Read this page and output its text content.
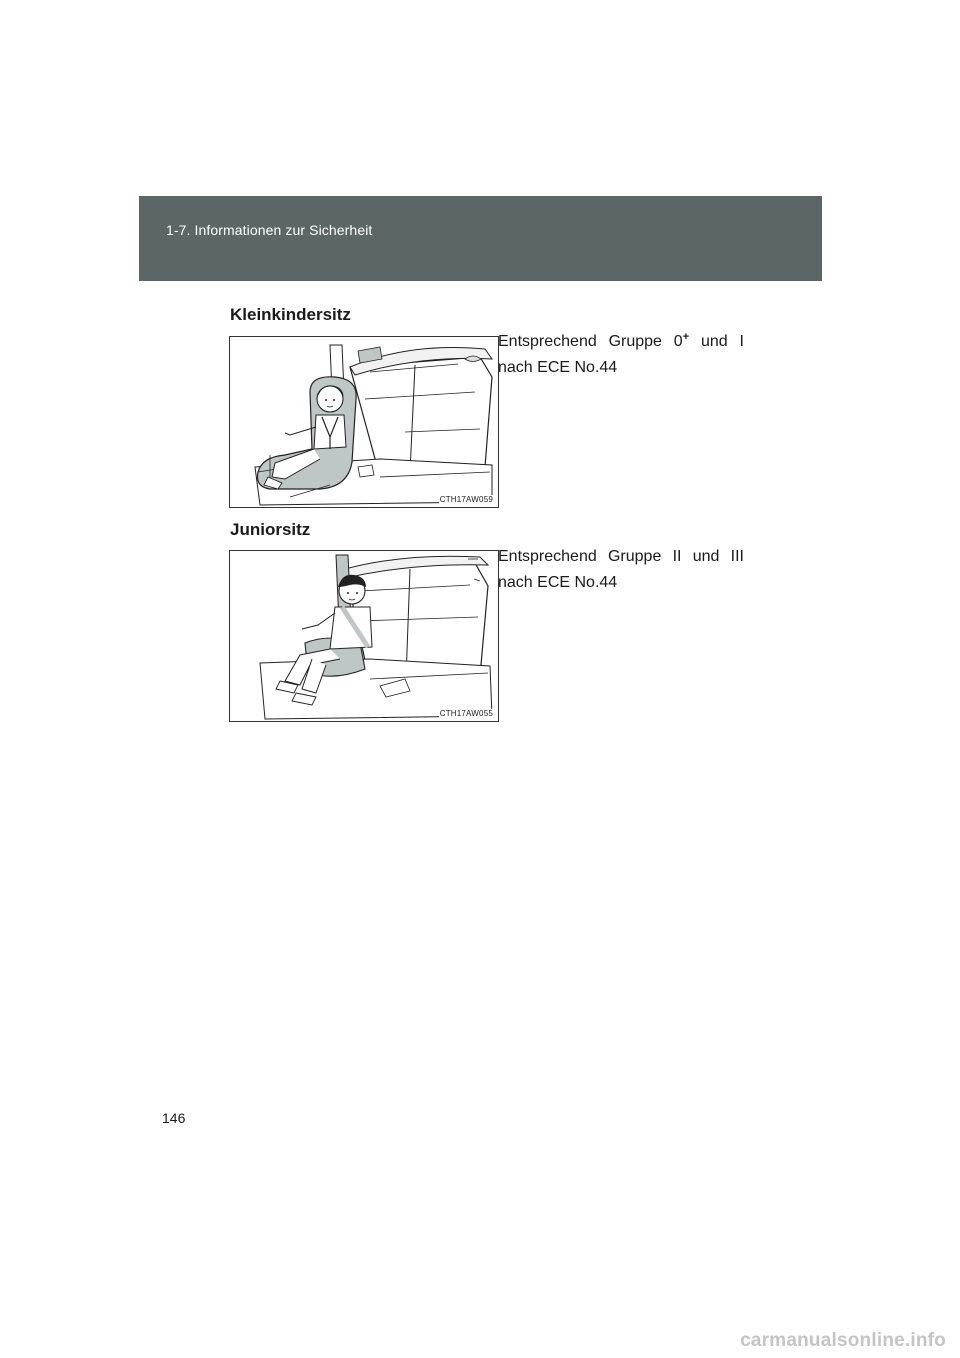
1-7. Informationen zur Sicherheit
Kleinkindersitz
CTH17AW059
Entsprechend Gruppe 0+ und I
nach ECE No.44
Juniorsitz
CTH17AW055
Entsprechend Gruppe II und III
nach ECE No.44
146
carmanualsonline.info
